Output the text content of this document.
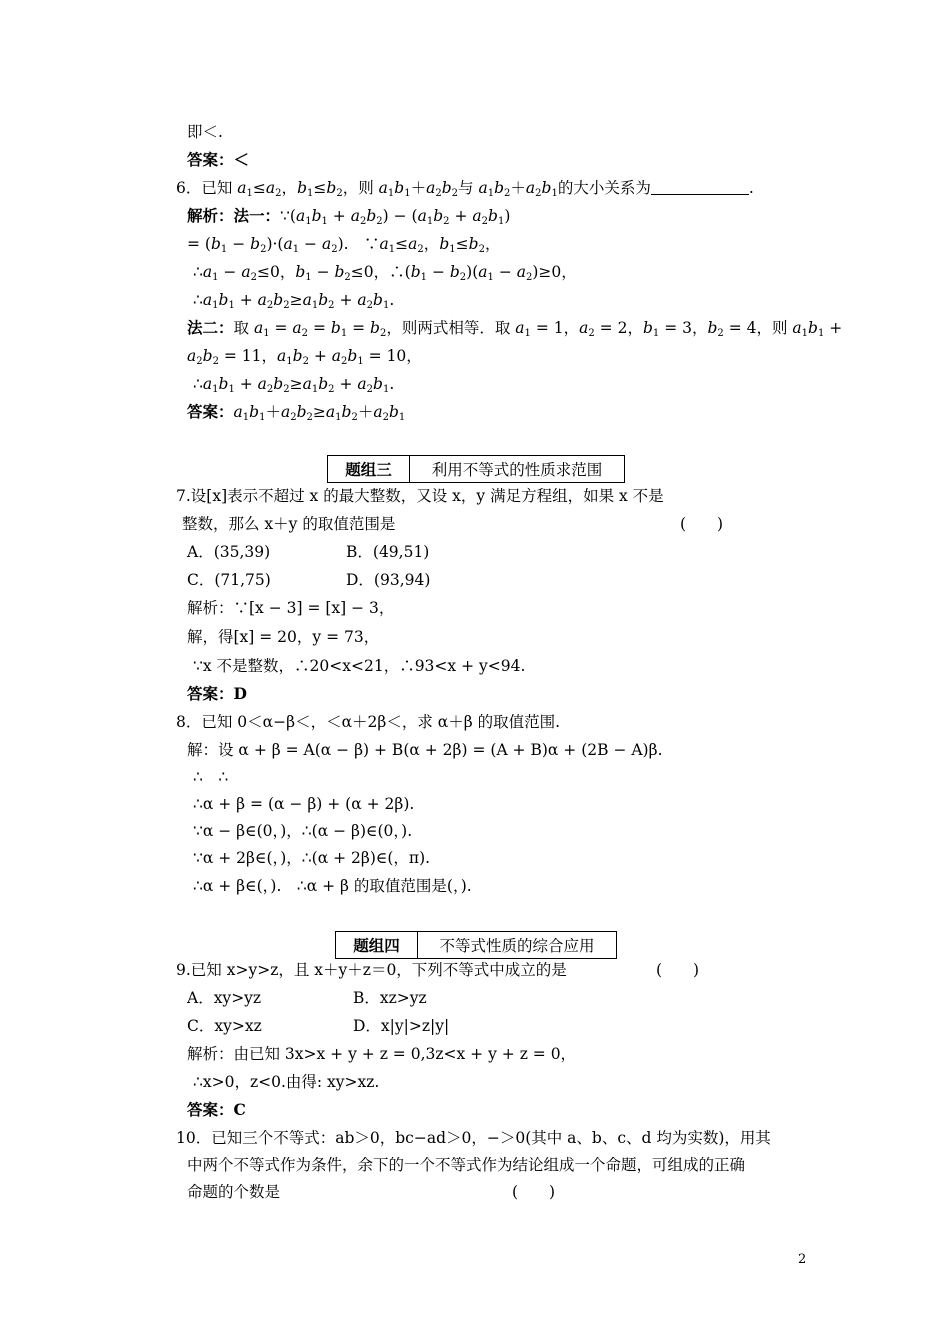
即＜.
答案：＜
6．已知 $a_1\le a_2$，$b_1\le b_2$，则 $a_1b_1+a_2b_2$与 $a_1b_2+a_2b_1$的大小关系为	.
解析：法一：$\because(a_1b_1 + a_2b_2) - (a_1b_2 + a_2b_1)$
= $(b_1 - b_2)\cdot(a_1 - a_2)$.　$\because a_1\le a_2$，$b_1\le b_2$，
$\therefore a_1 - a_2\le 0$，$b_1 - b_2\le 0$，$\therefore(b_1 - b_2)(a_1 - a_2)\ge 0$，
$\therefore a_1b_1 + a_2b_2\ge a_1b_2 + a_2b_1$.
法二：取 $a_1 = a_2 = b_1 = b_2$，则两式相等．取 $a_1 = 1$，$a_2 = 2$，$b_1 = 3$，$b_2 = 4$，则 $a_1b_1$ +
$a_2b_2 = 11$，$a_1b_2 + a_2b_1 = 10$，
$\therefore a_1b_1 + a_2b_2\ge a_1b_2 + a_2b_1$.
答案：$a_1b_1+a_2b_2\ge a_1b_2+a_2b_1$
题组三	利用不等式的性质求范围
7.设[x]表示不超过 x 的最大整数，又设 x，y 满足方程组，如果 x 不是
整数，那么 x＋y 的取值范围是	(　　)
A．(35,39)	B．(49,51)
C．(71,75)	D．(93,94)
解析：∵[x − 3] = [x] − 3，
解，得[x] = 20，y = 73，
∵x 不是整数，∴20<x<21，∴93<x + y<94.
答案：D
8．已知 0＜α−β＜，＜α＋2β＜，求 α＋β 的取值范围.
解：设 α + β = A(α − β) + B(α + 2β) = (A + B)α + (2B − A)β.
∴　∴
∴α + β = (α − β) + (α + 2β).
∵α − β∈(0，)，∴(α − β)∈(0，).
∵α + 2β∈(，)，∴(α + 2β)∈(，π).
∴α + β∈(，).　∴α + β 的取值范围是(，).
题组四	不等式性质的综合应用
9.已知 x>y>z，且 x＋y＋z＝0，下列不等式中成立的是	(　　)
A．xy>yz	B．xz>yz
C．xy>xz	D．x|y|>z|y|
解析：由已知 3x>x + y + z = 0,3z<x + y + z = 0，
∴x>0，z<0.由得: xy>xz.
答案：C
10．已知三个不等式：ab＞0，bc−ad＞0，−＞0(其中 a、b、c、d 均为实数)，用其
中两个不等式作为条件，余下的一个不等式作为结论组成一个命题，可组成的正确
命题的个数是	(　　)
2
